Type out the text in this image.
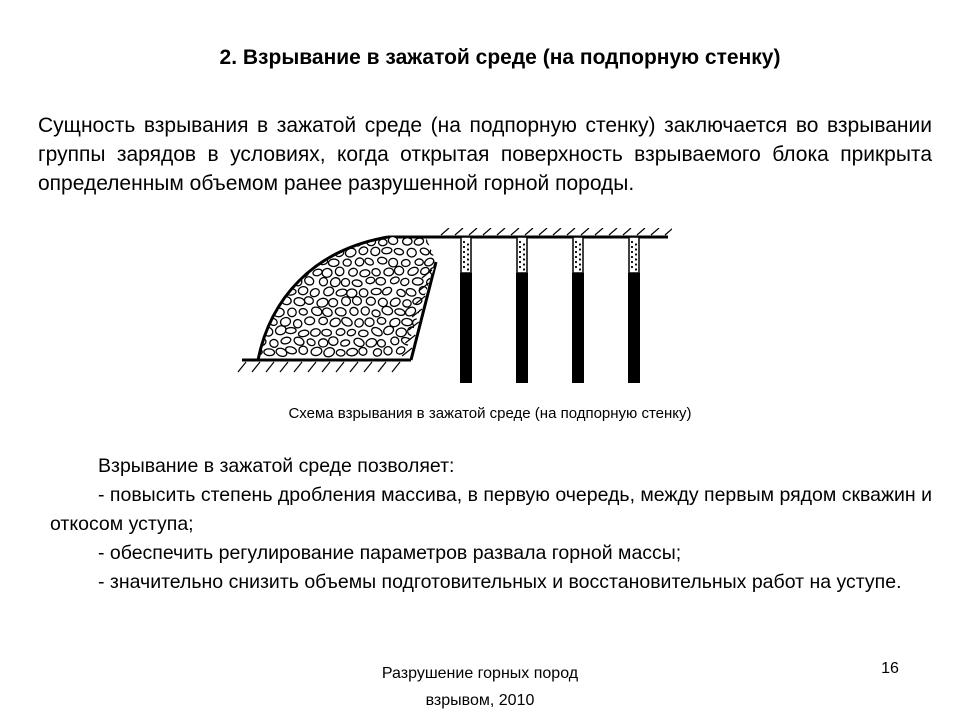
2. Взрывание в зажатой среде (на подпорную стенку)
Сущность взрывания в зажатой среде (на подпорную стенку) заключается во взрывании группы зарядов в условиях, когда открытая поверхность взрываемого блока прикрыта определенным объемом ранее разрушенной горной породы.
Схема взрывания в зажатой среде (на подпорную стенку)

Взрывание в зажатой среде позволяет:

- повысить степень дробления массива, в первую очередь, между первым рядом скважин и откосом уступа;

- обеспечить регулирование параметров развала горной массы;

- значительно снизить объемы подготовительных и восстановительных работ на уступе.

Разрушение горных пород
взрывом, 2010
16
